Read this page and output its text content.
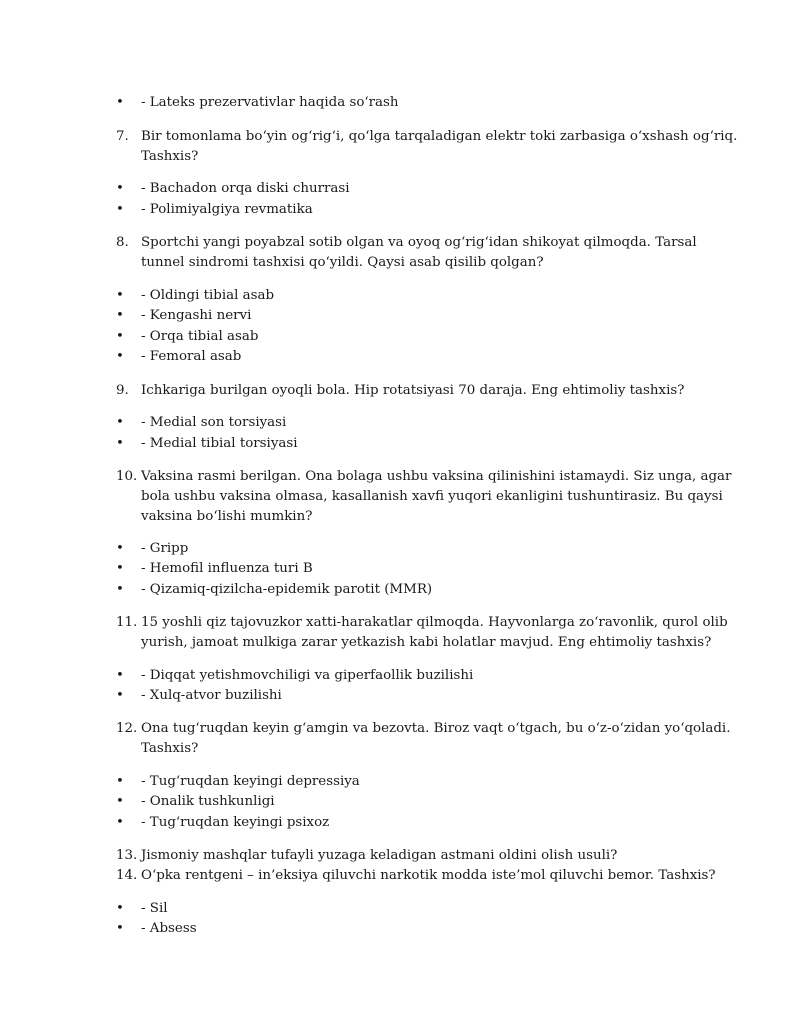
•	- Lateks prezervativlar haqida so‘rash
7. Bir tomonlama bo‘yin og‘rig‘i, qo‘lga tarqaladigan elektr toki zarbasiga o‘xshash og‘riq.
Tashxis?
•	- Bachadon orqa diski churrasi
•	- Polimiyalgiya revmatika
8. Sportchi yangi poyabzal sotib olgan va oyoq og‘rig‘idan shikoyat qilmoqda. Tarsal
tunnel sindromi tashxisi qo‘yildi. Qaysi asab qisilib qolgan?
•	- Oldingi tibial asab
•	- Kengashi nervi
•	- Orqa tibial asab
•	- Femoral asab
9. Ichkariga burilgan oyoqli bola. Hip rotatsiyasi 70 daraja. Eng ehtimoliy tashxis?
•	- Medial son torsiyasi
•	- Medial tibial torsiyasi
10. Vaksina rasmi berilgan. Ona bolaga ushbu vaksina qilinishini istamaydi. Siz unga, agar
bola ushbu vaksina olmasa, kasallanish xavfi yuqori ekanligini tushuntirasiz. Bu qaysi
vaksina bo‘lishi mumkin?
•	- Gripp
•	- Hemofil influenza turi B
•	- Qizamiq-qizilcha-epidemik parotit (MMR)
11. 15 yoshli qiz tajovuzkor xatti-harakatlar qilmoqda. Hayvonlarga zo‘ravonlik, qurol olib
yurish, jamoat mulkiga zarar yetkazish kabi holatlar mavjud. Eng ehtimoliy tashxis?
•	- Diqqat yetishmovchiligi va giperfaollik buzilishi
•	- Xulq-atvor buzilishi
12. Ona tug‘ruqdan keyin g‘amgin va bezovta. Biroz vaqt o‘tgach, bu o‘z-o‘zidan yo‘qoladi.
Tashxis?
•	- Tug‘ruqdan keyingi depressiya
•	- Onalik tushkunligi
•	- Tug‘ruqdan keyingi psixoz
13. Jismoniy mashqlar tufayli yuzaga keladigan astmani oldini olish usuli?
14. O‘pka rentgeni – in’eksiya qiluvchi narkotik modda iste’mol qiluvchi bemor. Tashxis?
•	- Sil
•	- Absess
